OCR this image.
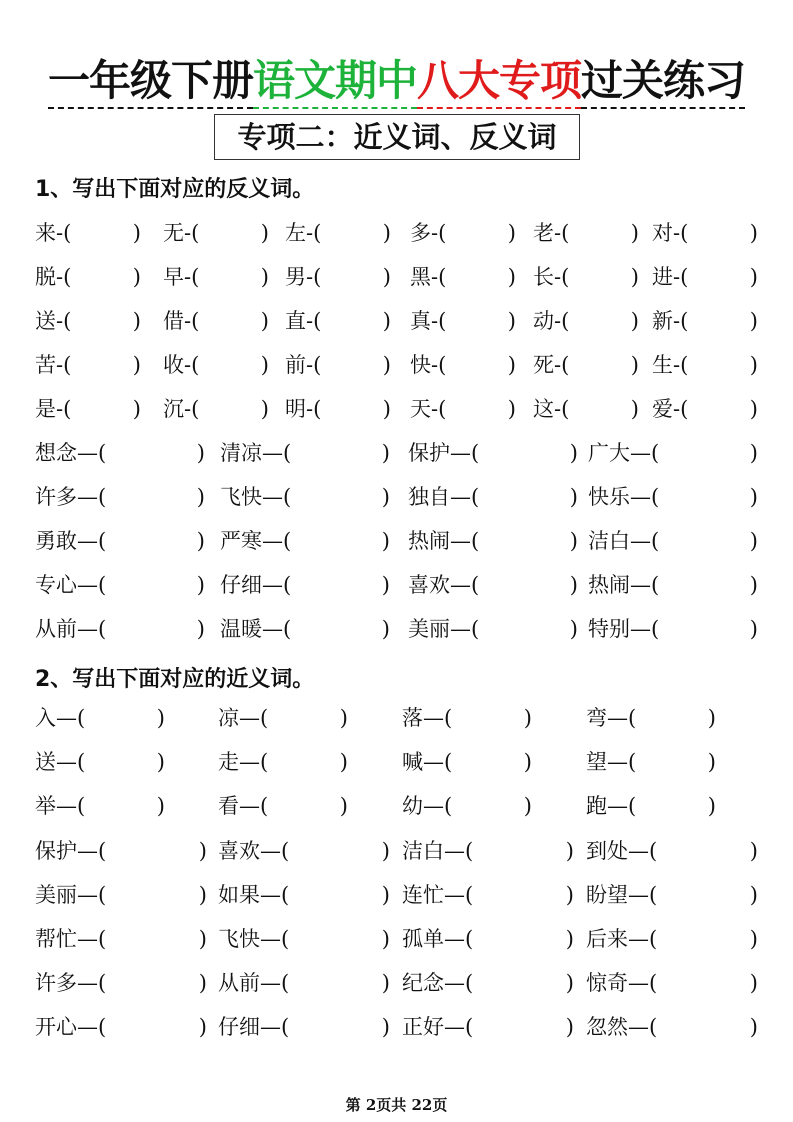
一年级下册语文期中八大专项过关练习
专项二：近义词、反义词
1、写出下面对应的反义词。
2、写出下面对应的近义词。
来 - (	) 无 - (	) 左 - (	) 多 - (	) 老 - (	) 对 - (	)
脱 - (	) 早 - (	) 男 - (	) 黑 - (	) 长 - (	) 进 - (	)
送 - (	) 借 - (	) 直 - (	) 真 - (	) 动 - (	) 新 - (	)
苦 - (	) 收 - (	) 前 - (	) 快 - (	) 死 - (	) 生 - (	)
是 - (	) 沉 - (	) 明 - (	) 天 - (	) 这 - (	) 爱 - (	)
想念 — (	) 清凉 — (	) 保护 — (	) 广大 — (	)
许多 — (	) 飞快 — (	) 独自 — (	) 快乐 — (	)
勇敢 — (	) 严寒 — (	) 热闹 — (	) 洁白 — (	)
专心 — (	) 仔细 — (	) 喜欢 — (	) 热闹 — (	)
从前 — (	) 温暖 — (	) 美丽 — (	) 特别 — (	)
入 — (	)	凉 — (	)	落 — (	)	弯 — (	)
送 — (	)	走 — (	)	喊 — (	)	望 — (	)
举 — (	)	看 — (	)	幼 — (	)	跑 — (	)
保护 — (	) 喜欢 — (	) 洁白 — (	) 到处 — (	)
美丽 — (	) 如果 — (	) 连忙 — (	) 盼望 — (	)
帮忙 — (	) 飞快 — (	) 孤单 — (	) 后来 — (	)
许多 — (	) 从前 — (	) 纪念 — (	) 惊奇 — (	)
开心 — (	) 仔细 — (	) 正好 — (	) 忽然 — (	)
第 2页共 22页
